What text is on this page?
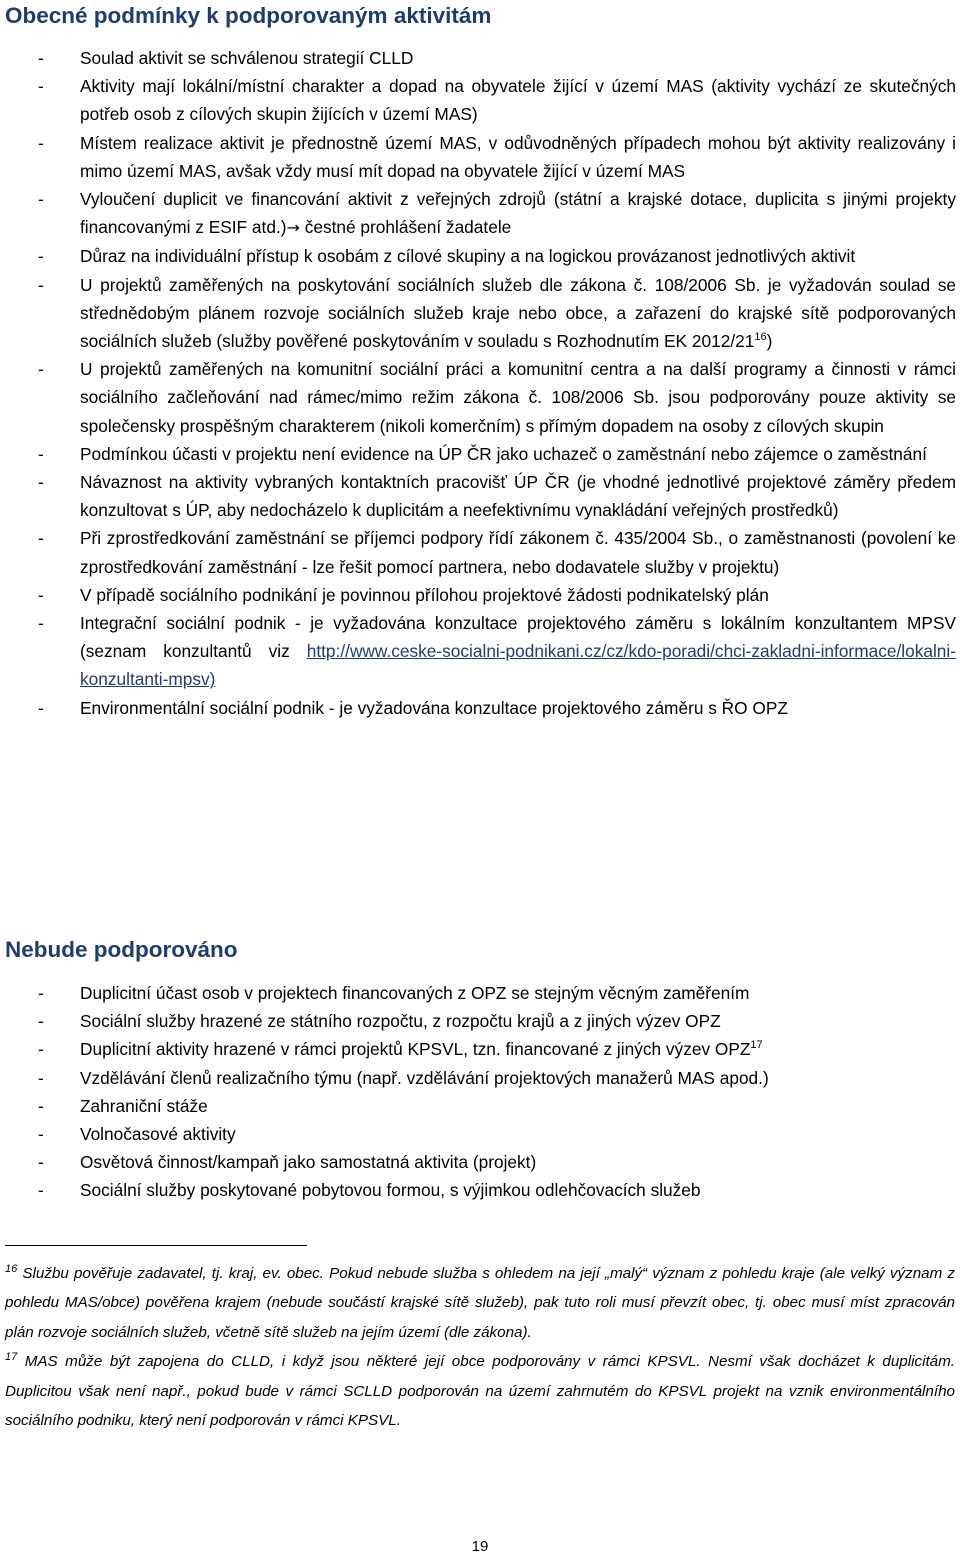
Obecné podmínky k podporovaným aktivitám
- Soulad aktivit se schválenou strategií CLLD
- Aktivity mají lokální/místní charakter a dopad na obyvatele žijící v území MAS (aktivity vychází ze skutečných potřeb osob z cílových skupin žijících v území MAS)
- Místem realizace aktivit je přednostně území MAS, v odůvodněných případech mohou být aktivity realizovány i mimo území MAS, avšak vždy musí mít dopad na obyvatele žijící v území MAS
- Vyloučení duplicit ve financování aktivit z veřejných zdrojů (státní a krajské dotace, duplicita s jinými projekty financovanými z ESIF atd.)→ čestné prohlášení žadatele
- Důraz na individuální přístup k osobám z cílové skupiny a na logickou provázanost jednotlivých aktivit
- U projektů zaměřených na poskytování sociálních služeb dle zákona č. 108/2006 Sb. je vyžadován soulad se střednědobým plánem rozvoje sociálních služeb kraje nebo obce, a zařazení do krajské sítě podporovaných sociálních služeb (služby pověřené poskytováním v souladu s Rozhodnutím EK $2012/21^{16}$)
- U projektů zaměřených na komunitní sociální práci a komunitní centra a na další programy a činnosti v rámci sociálního začleňování nad rámec/mimo režim zákona č. 108/2006 Sb. jsou podporovány pouze aktivity se společensky prospěšným charakterem (nikoli komerčním) s přímým dopadem na osoby z cílových skupin
- Podmínkou účasti v projektu není evidence na ÚP ČR jako uchazeč o zaměstnání nebo zájemce o zaměstnání
- Návaznost na aktivity vybraných kontaktních pracovišť ÚP ČR (je vhodné jednotlivé projektové záměry předem konzultovat s ÚP, aby nedocházelo k duplicitám a neefektivnímu vynakládání veřejných prostředků)
- Při zprostředkování zaměstnání se příjemci podpory řídí zákonem č. 435/2004 Sb., o zaměstnanosti (povolení ke zprostředkování zaměstnání - lze řešit pomocí partnera, nebo dodavatele služby v projektu)
- V případě sociálního podnikání je povinnou přílohou projektové žádosti podnikatelský plán
- Integrační sociální podnik - je vyžadována konzultace projektového záměru s lokálním konzultantem MPSV (seznam konzultantů viz http://www.ceske-socialni-podnikani.cz/cz/kdo-poradi/chci-zakladni-informace/lokalni-konzultanti-mpsv)
- Environmentální sociální podnik - je vyžadována konzultace projektového záměru s ŘO OPZ
Nebude podporováno
- Duplicitní účast osob v projektech financovaných z OPZ se stejným věcným zaměřením
- Sociální služby hrazené ze státního rozpočtu, z rozpočtu krajů a z jiných výzev OPZ
- Duplicitní aktivity hrazené v rámci projektů KPSVL, tzn. financované z jiných výzev OPZ$^{17}$
- Vzdělávání členů realizačního týmu (např. vzdělávání projektových manažerů MAS apod.)
- Zahraniční stáže
- Volnočasové aktivity
- Osvětová činnost/kampaň jako samostatná aktivita (projekt)
- Sociální služby poskytované pobytovou formou, s výjimkou odlehčovacích služeb

$^{16}$ Službu pověřuje zadavatel, tj. kraj, ev. obec. Pokud nebude služba s ohledem na její „malý“ význam z pohledu kraje (ale velký význam z pohledu MAS/obce) pověřena krajem (nebude součástí krajské sítě služeb), pak tuto roli musí převzít obec, tj. obec musí míst zpracován plán rozvoje sociálních služeb, včetně sítě služeb na jejím území (dle zákona).

$^{17}$ MAS může být zapojena do CLLD, i když jsou některé její obce podporovány v rámci KPSVL. Nesmí však docházet k duplicitám. Duplicitou však není např., pokud bude v rámci SCLLD podporován na území zahrnutém do KPSVL projekt na vznik environmentálního sociálního podniku, který není podporován v rámci KPSVL.

19
